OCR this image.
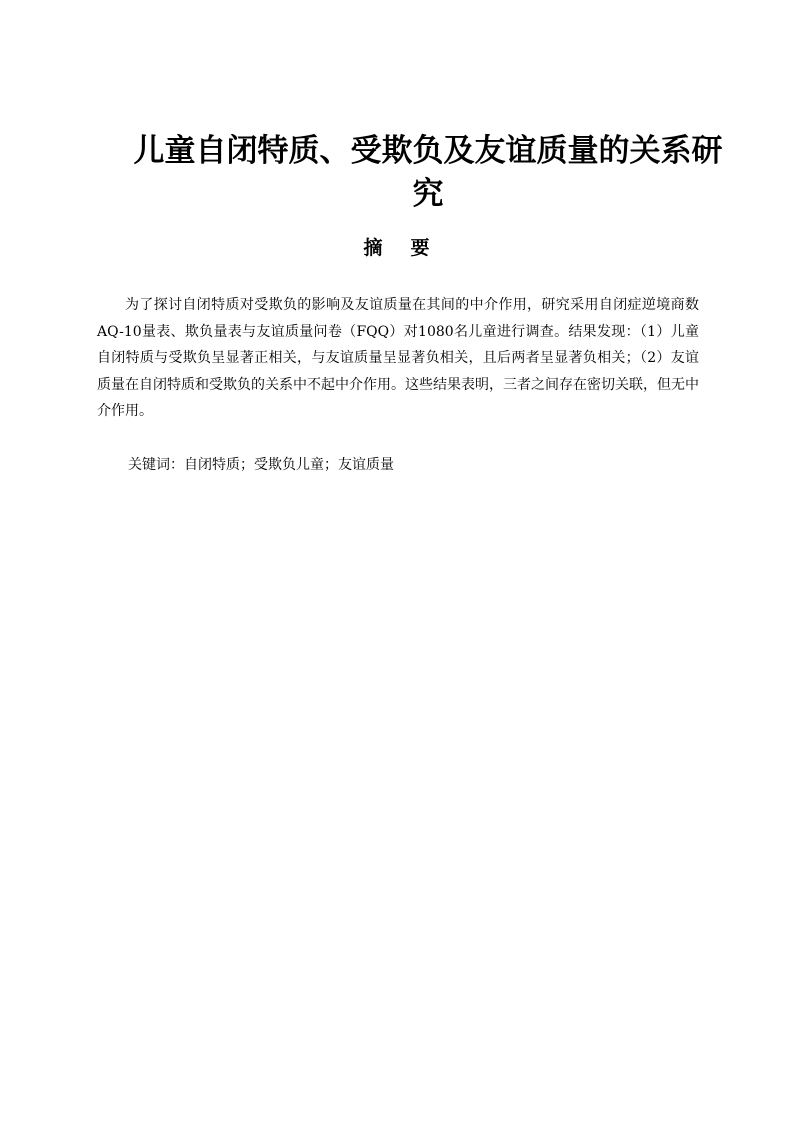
儿童自闭特质、受欺负及友谊质量的关系研究
摘要

为了探讨自闭特质对受欺负的影响及友谊质量在其间的中介作用，研究采用自闭症逆境商数AQ-10量表、欺负量表与友谊质量问卷（FQQ）对1080名儿童进行调查。结果发现：（1）儿童自闭特质与受欺负呈显著正相关，与友谊质量呈显著负相关，且后两者呈显著负相关；（2）友谊质量在自闭特质和受欺负的关系中不起中介作用。这些结果表明，三者之间存在密切关联，但无中介作用。

关键词：自闭特质；受欺负儿童；友谊质量
